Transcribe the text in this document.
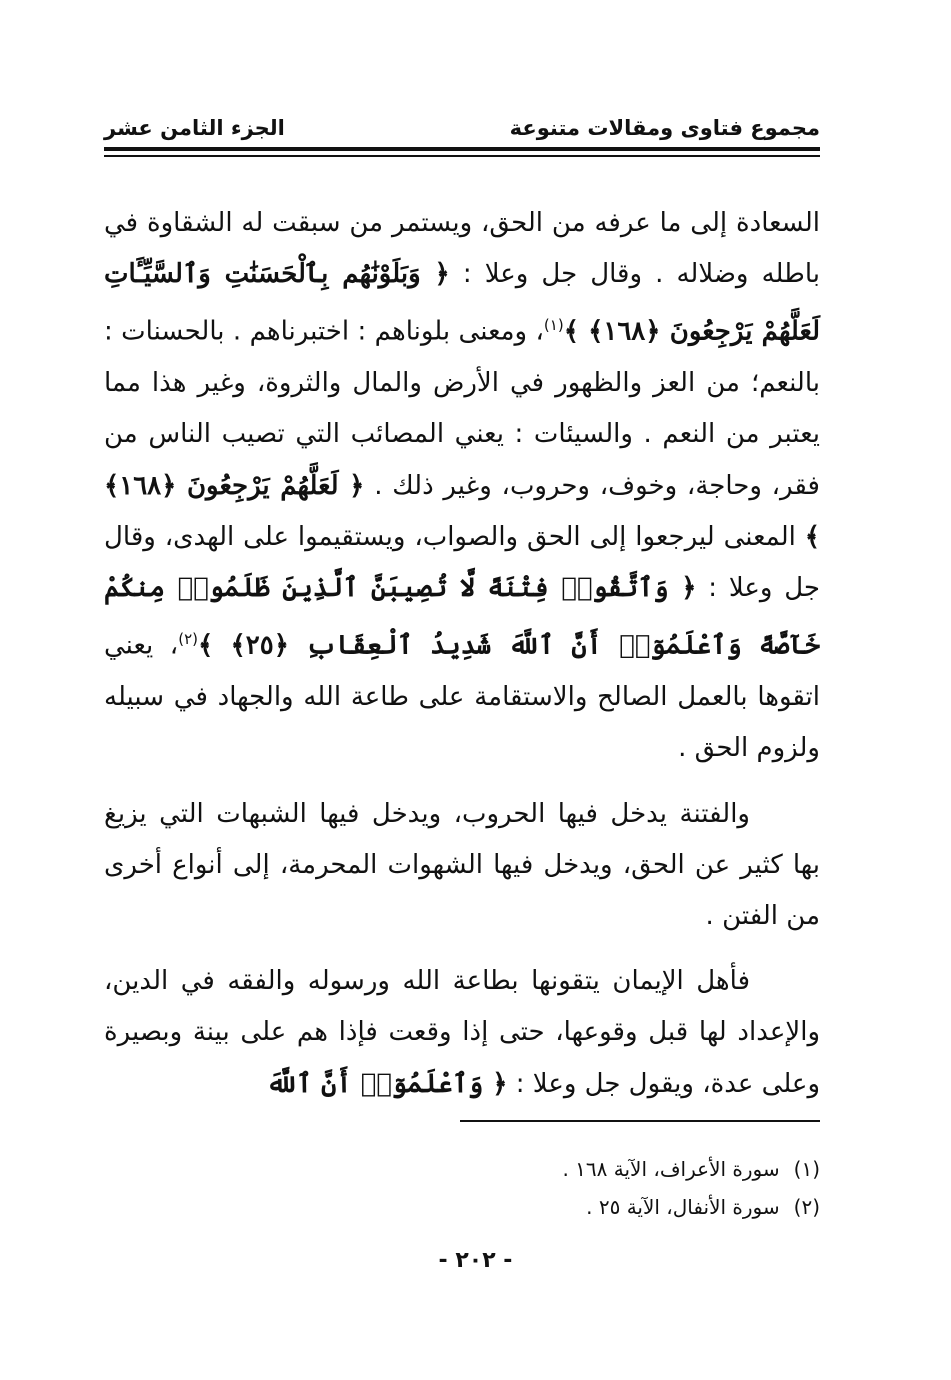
مجموع فتاوى ومقالات متنوعة
الجزء الثامن عشر

السعادة إلى ما عرفه من الحق، ويستمر من سبقت له الشقاوة في باطله وضلاله . وقال جل وعلا : ﴿ وَبَلَوْنَٰهُم بِٱلْحَسَنَٰتِ وَٱلسَّيِّـَٔاتِ لَعَلَّهُمْ يَرْجِعُونَ ﴿١٦٨﴾ ﴾$^{(١)}$، ومعنى بلوناهم : اختبرناهم . بالحسنات : بالنعم؛ من العز والظهور في الأرض والمال والثروة، وغير هذا مما يعتبر من النعم . والسيئات : يعني المصائب التي تصيب الناس من فقر، وحاجة، وخوف، وحروب، وغير ذلك . ﴿ لَعَلَّهُمْ يَرْجِعُونَ ﴿١٦٨﴾ ﴾ المعنى ليرجعوا إلى الحق والصواب، ويستقيموا على الهدى، وقال جل وعلا : ﴿ وَٱتَّقُوا۟ فِتْنَةً لَّا تُصِيبَنَّ ٱلَّذِينَ ظَلَمُوا۟ مِنكُمْ خَآصَّةً وَٱعْلَمُوٓا۟ أَنَّ ٱللَّهَ شَدِيدُ ٱلْعِقَابِ ﴿٢٥﴾ ﴾$^{(٢)}$، يعني اتقوها بالعمل الصالح والاستقامة على طاعة الله والجهاد في سبيله ولزوم الحق .

والفتنة يدخل فيها الحروب، ويدخل فيها الشبهات التي يزيغ بها كثير عن الحق، ويدخل فيها الشهوات المحرمة، إلى أنواع أخرى من الفتن .

فأهل الإيمان يتقونها بطاعة الله ورسوله والفقه في الدين، والإعداد لها قبل وقوعها، حتى إذا وقعت فإذا هم على بينة وبصيرة وعلى عدة، ويقول جل وعلا : ﴿ وَٱعْلَمُوٓا۟ أَنَّ ٱللَّهَ

(١)سورة الأعراف، الآية ١٦٨ .
(٢)سورة الأنفال، الآية ٢٥ .
- ٢٠٢ -
